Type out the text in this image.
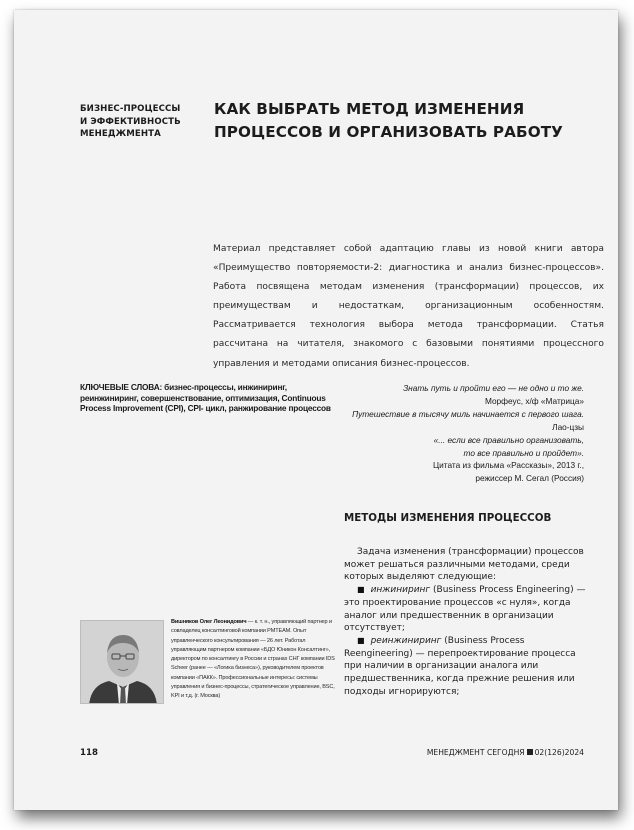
БИЗНЕС-ПРОЦЕССЫ
И ЭФФЕКТИВНОСТЬ
МЕНЕДЖМЕНТА
КАК ВЫБРАТЬ МЕТОД ИЗМЕНЕНИЯ
ПРОЦЕССОВ И ОРГАНИЗОВАТЬ РАБОТУ
Материал представляет собой адаптацию главы из новой книги автора «Преимущество повторяемости-2: диагностика и анализ бизнес-процессов». Работа посвящена методам изменения (трансформации) процессов, их преимуществам и недостаткам, организационным особенностям. Рассматривается технология выбора метода трансформации. Статья рассчитана на читателя, знакомого с базовыми понятиями процессного управления и методами описания бизнес-процессов.
КЛЮЧЕВЫЕ СЛОВА: бизнес-процессы, инжиниринг, реинжиниринг, совершенствование, оптимизация, Continuous Process Improvement (CPI), CPI- цикл, ранжирование процессов
Знать путь и пройти его — не одно и то же.
Морфеус, х/ф «Матрица»
Путешествие в тысячу миль начинается с первого шага.
Лао-цзы
«... если все правильно организовать,
то все правильно и пройдет».
Цитата из фильма «Рассказы», 2013 г.,
режиссер М. Сегал (Россия)
МЕТОДЫ ИЗМЕНЕНИЯ ПРОЦЕССОВ

Задача изменения (трансформации) процессов может решаться различными методами, среди которых выделяют следующие:

■ инжиниринг (Business Process Engineering) — это проектирование процессов «с нуля», когда аналог или предшественник в организации отсутствует;

■ реинжиниринг (Business Process Reengineering) — перепроектирование процесса при наличии в организации аналога или предшественника, когда прежние решения или подходы игнорируются;

Вишняков Олег Леонидович — к. т. н., управляющий партнер и совладелец консалтинговой компании PMTEAM. Опыт управленческого консультирования — 26 лет. Работал управляющим партнером компании «БДО Юникон Консалтинг», директором по консалтингу в России и странах СНГ компании IDS Scheer (ранее — «Логика бизнеса»), руководителем проектов компании «ПАКК». Профессиональные интересы: системы управления и бизнес-процессы, стратегическое управление, BSC, KPI и т.д. (г. Москва)
118	МЕНЕДЖМЕНТ СЕГОДНЯ 02(126)2024
